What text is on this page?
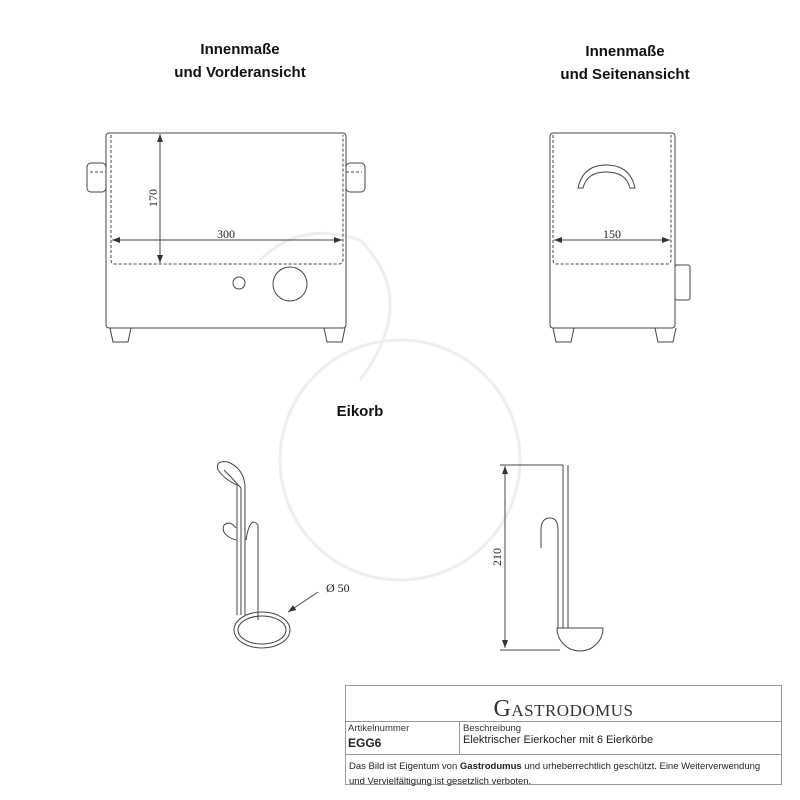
Innenmaße
und Vorderansicht
Innenmaße
und Seitenansicht
Eikorb
300
170
150
Ø 50
210
GASTRODOMUS
Artikelnummer
EGG6
Beschreibung
Elektrischer Eierkocher mit 6 Eierkörbe
Das Bild ist Eigentum von Gastrodumus und urheberrechtlich geschützt. Eine Weiterverwendung und Vervielfältigung ist gesetzlich verboten.
